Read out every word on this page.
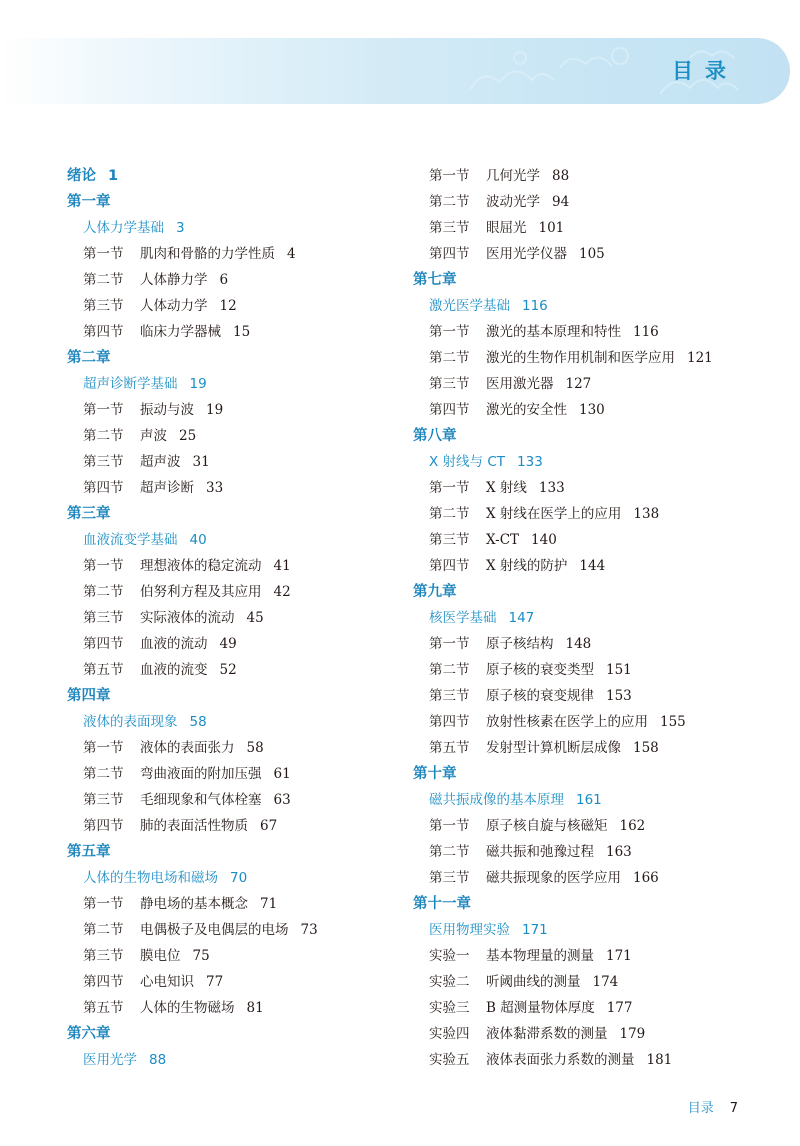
目录
绪论 1
第一章
人体力学基础 3
第一节 肌肉和骨骼的力学性质 4
第二节 人体静力学 6
第三节 人体动力学 12
第四节 临床力学器械 15
第二章
超声诊断学基础 19
第一节 振动与波 19
第二节 声波 25
第三节 超声波 31
第四节 超声诊断 33
第三章
血液流变学基础 40
第一节 理想液体的稳定流动 41
第二节 伯努利方程及其应用 42
第三节 实际液体的流动 45
第四节 血液的流动 49
第五节 血液的流变 52
第四章
液体的表面现象 58
第一节 液体的表面张力 58
第二节 弯曲液面的附加压强 61
第三节 毛细现象和气体栓塞 63
第四节 肺的表面活性物质 67
第五章
人体的生物电场和磁场 70
第一节 静电场的基本概念 71
第二节 电偶极子及电偶层的电场 73
第三节 膜电位 75
第四节 心电知识 77
第五节 人体的生物磁场 81
第六章
医用光学 88
第一节 几何光学 88
第二节 波动光学 94
第三节 眼屈光 101
第四节 医用光学仪器 105
第七章
激光医学基础 116
第一节 激光的基本原理和特性 116
第二节 激光的生物作用机制和医学应用 121
第三节 医用激光器 127
第四节 激光的安全性 130
第八章
X 射线与 CT 133
第一节 X 射线 133
第二节 X 射线在医学上的应用 138
第三节 X-CT 140
第四节 X 射线的防护 144
第九章
核医学基础 147
第一节 原子核结构 148
第二节 原子核的衰变类型 151
第三节 原子核的衰变规律 153
第四节 放射性核素在医学上的应用 155
第五节 发射型计算机断层成像 158
第十章
磁共振成像的基本原理 161
第一节 原子核自旋与核磁矩 162
第二节 磁共振和弛豫过程 163
第三节 磁共振现象的医学应用 166
第十一章
医用物理实验 171
实验一 基本物理量的测量 171
实验二 听阈曲线的测量 174
实验三 B 超测量物体厚度 177
实验四 液体黏滞系数的测量 179
实验五 液体表面张力系数的测量 181
目录 7
